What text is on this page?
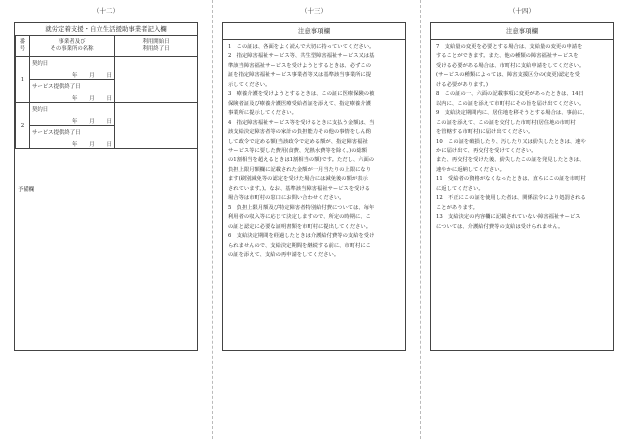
（十二）	（十三）	（十四）
就労定着支援・自立生活援助事業者記入欄
番
号	事業者及び
その事業所の名称	利用開始日
利用終了日
1	契約日
年 月 日	

	サービス提供終了日
年 月 日	

2	契約日
年 月 日	

	サービス提供終了日
年 月 日	
予備欄
注意事項欄

1　この証は、各面をよく読んで大切に持っていてください。

2　指定障害福祉サービス等、共生型障害福祉サービス又は基

準該当障害福祉サービスを受けようとするときは、必ずこの

証を指定障害福祉サービス事業者等又は基準該当事業所に提

示してください。

3　療養介護を受けようとするときは、この証に医療保険の被

保険者証及び療養介護医療受給者証を添えて、指定療養介護

事業所に提示してください。

4　指定障害福祉サービス等を受けるときに支払う金額は、当

該支給決定障害者等の家計の負担能力その他の事情をしん酌

して政令で定める額(当該政令で定める額が、指定障害福祉

サービス等に要した費用(食費、光熱水費等を除く。)の総額

の1割相当を超えるときは1割相当の額)です。ただし、六面の

負担上限月額欄に記載された金額が一月当たりの上限になり

ます(刷別減免等の認定を受けた場合には減免後の額が表示

されています。)。なお、基準該当障害福祉サービスを受ける

場合等は市町村の窓口にお問い合わせください。

5　負担上限月額及び特定障害者特別給付費については、毎年

利用者の収入等に応じて決定しますので、所定の時期に、こ

の証と認定に必要な証明書類を市町村に提出してください。

6　支給決定期間を経過したときは介護給付費等の支給を受け

られませんので、支給決定期間を継続する前に、市町村にこ

の証を添えて、支給の再申請をしてください。

注意事項欄

7　支給量の変更を必要とする場合は、支給量の変更の申請を

することができます。また、他の種類の障害福祉サービスを

受ける必要がある場合は、市町村に支給申請をしてください。

(サービスの種類によっては、障害支援区分の(変更)認定を受

ける必要があります。)

8　この証の一、六面の記載事項に変更があったときは、14日

以内に、この証を添えて市町村にその旨を届け出てください。

9　支給決定期間内に、居住地を移そうとする場合は、事前に、

この証を添えて、この証を交付した市町村(居住地の市町村

を管轄する市町村)に届け出てください。

10　この証を破損したり、汚したり又は紛失したときは、速や

かに届け出て、再交付を受けてください。

また、再交付を受けた後、紛失したこの証を発見したときは、

速やかに返納してください。

11　受給者の資格がなくなったときは、直ちにこの証を市町村

に返してください。

12　不正にこの証を使用した者は、関係法令により処罰される

ことがあります。

13　支給決定の内容欄に記載されていない障害福祉サービス

については、介護給付費等の支給は受けられません。
